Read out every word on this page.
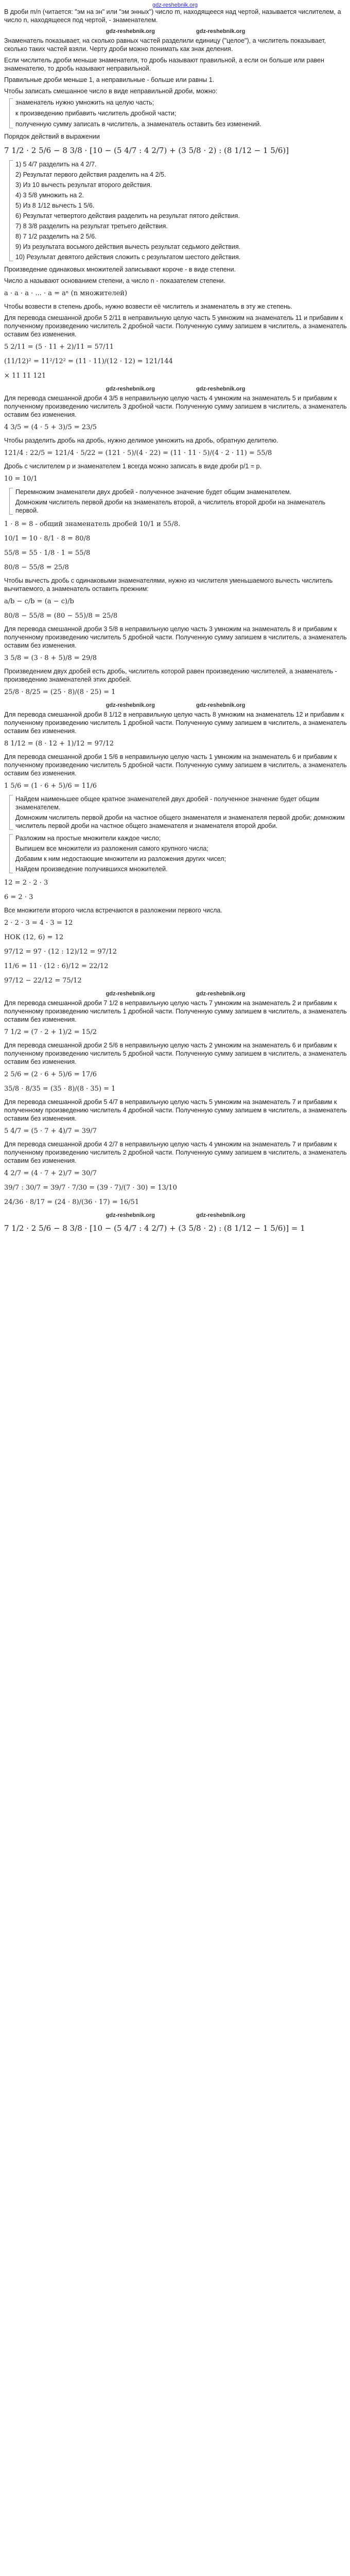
gdz-reshebnik.org

В дроби m/n (читается: "эм на эн" или "эм энных") число m, находящееся над чертой, называется числителем, а число n, находящееся под чертой, - знаменателем.

gdz-reshebnik.org	gdz-reshebnik.org

Знаменатель показывает, на сколько равных частей разделили единицу ("целое"), а числитель показывает, сколько таких частей взяли. Черту дроби можно понимать как знак деления.

Если числитель дроби меньше знаменателя, то дробь называют правильной, а если он больше или равен знаменателю, то дробь называют неправильной.

Правильные дроби меньше 1, а неправильные - больше или равны 1.

Чтобы записать смешанное число в виде неправильной дроби, можно:

знаменатель нужно умножить на целую часть;
к произведению прибавить числитель дробной части;
полученную сумму записать в числитель, а знаменатель оставить без изменений.

Порядок действий в выражении

7 1/2 · 2 5/6 − 8 3/8 · [10 − (5 4/7 : 4 2/7) + (3 5/8 · 2) : (8 1/12 − 1 5/6)]
1) 5 4/7 разделить на 4 2/7.
2) Результат первого действия разделить на 4 2/5.
3) Из 10 вычесть результат второго действия.
4) 3 5/8 умножить на 2.
5) Из 8 1/12 вычесть 1 5/6.
6) Результат четвертого действия разделить на результат пятого действия.
7) 8 3/8 разделить на результат третьего действия.
8) 7 1/2 разделить на 2 5/6.
9) Из результата восьмого действия вычесть результат седьмого действия.
10) Результат девятого действия сложить с результатом шестого действия.

Произведение одинаковых множителей записывают короче - в виде степени.

Число a называют основанием степени, а число n - показателем степени.

a · a · a · ... · a = aⁿ (n множителей)

Чтобы возвести в степень дробь, нужно возвести её числитель и знаменатель в эту же степень.

Для перевода смешанной дроби 5 2/11 в неправильную целую часть 5 умножим на знаменатель 11 и прибавим к полученному произведению числитель 2 дробной части. Полученную сумму запишем в числитель, а знаменатель оставим без изменения.

5 2/11 = (5 · 11 + 2)/11 = 57/11
(11/12)² = 11²/12² = (11 · 11)/(12 · 12) = 121/144
× 11 11 121
gdz-reshebnik.org	gdz-reshebnik.org

Для перевода смешанной дроби 4 3/5 в неправильную целую часть 4 умножим на знаменатель 5 и прибавим к полученному произведению числитель 3 дробной части. Полученную сумму запишем в числитель, а знаменатель оставим без изменения.

4 3/5 = (4 · 5 + 3)/5 = 23/5

Чтобы разделить дробь на дробь, нужно делимое умножить на дробь, обратную делителю.

121/4 : 22/5 = 121/4 · 5/22 = (121 · 5)/(4 · 22) = (11 · 11 · 5)/(4 · 2 · 11) = 55/8

Дробь с числителем p и знаменателем 1 всегда можно записать в виде дроби p/1 = p.

10 = 10/1
Перемножим знаменатели двух дробей - полученное значение будет общим знаменателем.
Домножим числитель первой дроби на знаменатель второй, а числитель второй дроби на знаменатель первой.
1 · 8 = 8 - общий знаменатель дробей 10/1 и 55/8.
10/1 = 10 · 8/1 · 8 = 80/8
55/8 = 55 · 1/8 · 1 = 55/8
80/8 − 55/8 = 25/8

Чтобы вычесть дробь с одинаковыми знаменателями, нужно из числителя уменьшаемого вычесть числитель вычитаемого, а знаменатель оставить прежним:

a/b − c/b = (a − c)/b
80/8 − 55/8 = (80 − 55)/8 = 25/8

Для перевода смешанной дроби 3 5/8 в неправильную целую часть 3 умножим на знаменатель 8 и прибавим к полученному произведению числитель 5 дробной части. Полученную сумму запишем в числитель, а знаменатель оставим без изменения.

3 5/8 = (3 · 8 + 5)/8 = 29/8

Произведением двух дробей есть дробь, числитель которой равен произведению числителей, а знаменатель - произведению знаменателей этих дробей.

25/8 · 8/25 = (25 · 8)/(8 · 25) = 1
gdz-reshebnik.org	gdz-reshebnik.org

Для перевода смешанной дроби 8 1/12 в неправильную целую часть 8 умножим на знаменатель 12 и прибавим к полученному произведению числитель 1 дробной части. Полученную сумму запишем в числитель, а знаменатель оставим без изменения.

8 1/12 = (8 · 12 + 1)/12 = 97/12

Для перевода смешанной дроби 1 5/6 в неправильную целую часть 1 умножим на знаменатель 6 и прибавим к полученному произведению числитель 5 дробной части. Полученную сумму запишем в числитель, а знаменатель оставим без изменения.

1 5/6 = (1 · 6 + 5)/6 = 11/6
Найдем наименьшее общее кратное знаменателей двух дробей - полученное значение будет общим знаменателем.
Домножим числитель первой дроби на частное общего знаменателя и знаменателя первой дроби; домножим числитель первой дроби на частное общего знаменателя и знаменателя второй дроби.
Разложим на простые множители каждое число;
Выпишем все множители из разложения самого крупного числа;
Добавим к ним недостающие множители из разложения других чисел;
Найдем произведение получившихся множителей.
12 = 2 · 2 · 3
6 = 2 · 3

Все множители второго числа встречаются в разложении первого числа.

2 · 2 · 3 = 4 · 3 = 12
НОК (12, 6) = 12
97/12 = 97 · (12 : 12)/12 = 97/12
11/6 = 11 · (12 : 6)/12 = 22/12
97/12 − 22/12 = 75/12
gdz-reshebnik.org	gdz-reshebnik.org

Для перевода смешанной дроби 7 1/2 в неправильную целую часть 7 умножим на знаменатель 2 и прибавим к полученному произведению числитель 1 дробной части. Полученную сумму запишем в числитель, а знаменатель оставим без изменения.

7 1/2 = (7 · 2 + 1)/2 = 15/2

Для перевода смешанной дроби 2 5/6 в неправильную целую часть 2 умножим на знаменатель 6 и прибавим к полученному произведению числитель 5 дробной части. Полученную сумму запишем в числитель, а знаменатель оставим без изменения.

2 5/6 = (2 · 6 + 5)/6 = 17/6
35/8 · 8/35 = (35 · 8)/(8 · 35) = 1

Для перевода смешанной дроби 5 4/7 в неправильную целую часть 5 умножим на знаменатель 7 и прибавим к полученному произведению числитель 4 дробной части. Полученную сумму запишем в числитель, а знаменатель оставим без изменения.

5 4/7 = (5 · 7 + 4)/7 = 39/7

Для перевода смешанной дроби 4 2/7 в неправильную целую часть 4 умножим на знаменатель 7 и прибавим к полученному произведению числитель 2 дробной части. Полученную сумму запишем в числитель, а знаменатель оставим без изменения.

4 2/7 = (4 · 7 + 2)/7 = 30/7
39/7 : 30/7 = 39/7 · 7/30 = (39 · 7)/(7 · 30) = 13/10
24/36 · 8/17 = (24 · 8)/(36 · 17) = 16/51
gdz-reshebnik.org	gdz-reshebnik.org
7 1/2 · 2 5/6 − 8 3/8 · [10 − (5 4/7 : 4 2/7) + (3 5/8 · 2) : (8 1/12 − 1 5/6)] = 1
